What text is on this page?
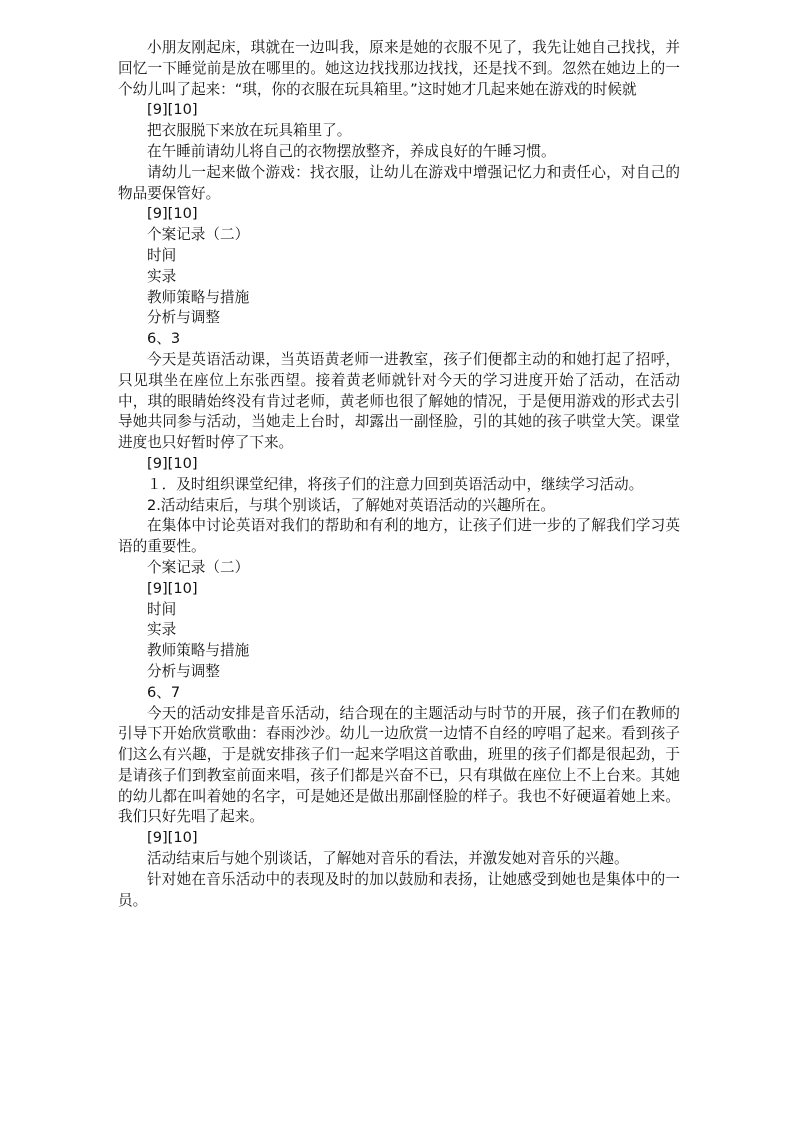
小朋友刚起床，琪就在一边叫我，原来是她的衣服不见了，我先让她自己找找，并回忆一下睡觉前是放在哪里的。她这边找找那边找找，还是找不到。忽然在她边上的一个幼儿叫了起来：“琪，你的衣服在玩具箱里。”这时她才几起来她在游戏的时候就

[9][10]

把衣服脱下来放在玩具箱里了。

在午睡前请幼儿将自己的衣物摆放整齐，养成良好的午睡习惯。

请幼儿一起来做个游戏：找衣服，让幼儿在游戏中增强记忆力和责任心，对自己的物品要保管好。

[9][10]

个案记录（二）

时间

实录

教师策略与措施

分析与调整

6、3

今天是英语活动课，当英语黄老师一进教室，孩子们便都主动的和她打起了招呼，只见琪坐在座位上东张西望。接着黄老师就针对今天的学习进度开始了活动，在活动中，琪的眼睛始终没有肯过老师，黄老师也很了解她的情况，于是便用游戏的形式去引导她共同参与活动，当她走上台时，却露出一副怪脸，引的其她的孩子哄堂大笑。课堂进度也只好暂时停了下来。

[9][10]

１．及时组织课堂纪律，将孩子们的注意力回到英语活动中，继续学习活动。

2.活动结束后，与琪个别谈话，了解她对英语活动的兴趣所在。

在集体中讨论英语对我们的帮助和有利的地方，让孩子们进一步的了解我们学习英语的重要性。

个案记录（二）

[9][10]

时间

实录

教师策略与措施

分析与调整

6、7

今天的活动安排是音乐活动，结合现在的主题活动与时节的开展，孩子们在教师的引导下开始欣赏歌曲：春雨沙沙。幼儿一边欣赏一边情不自经的哼唱了起来。看到孩子们这么有兴趣，于是就安排孩子们一起来学唱这首歌曲，班里的孩子们都是很起劲，于是请孩子们到教室前面来唱，孩子们都是兴奋不已，只有琪做在座位上不上台来。其她的幼儿都在叫着她的名字，可是她还是做出那副怪脸的样子。我也不好硬逼着她上来。我们只好先唱了起来。

[9][10]

活动结束后与她个别谈话，了解她对音乐的看法，并激发她对音乐的兴趣。

针对她在音乐活动中的表现及时的加以鼓励和表扬，让她感受到她也是集体中的一员。
